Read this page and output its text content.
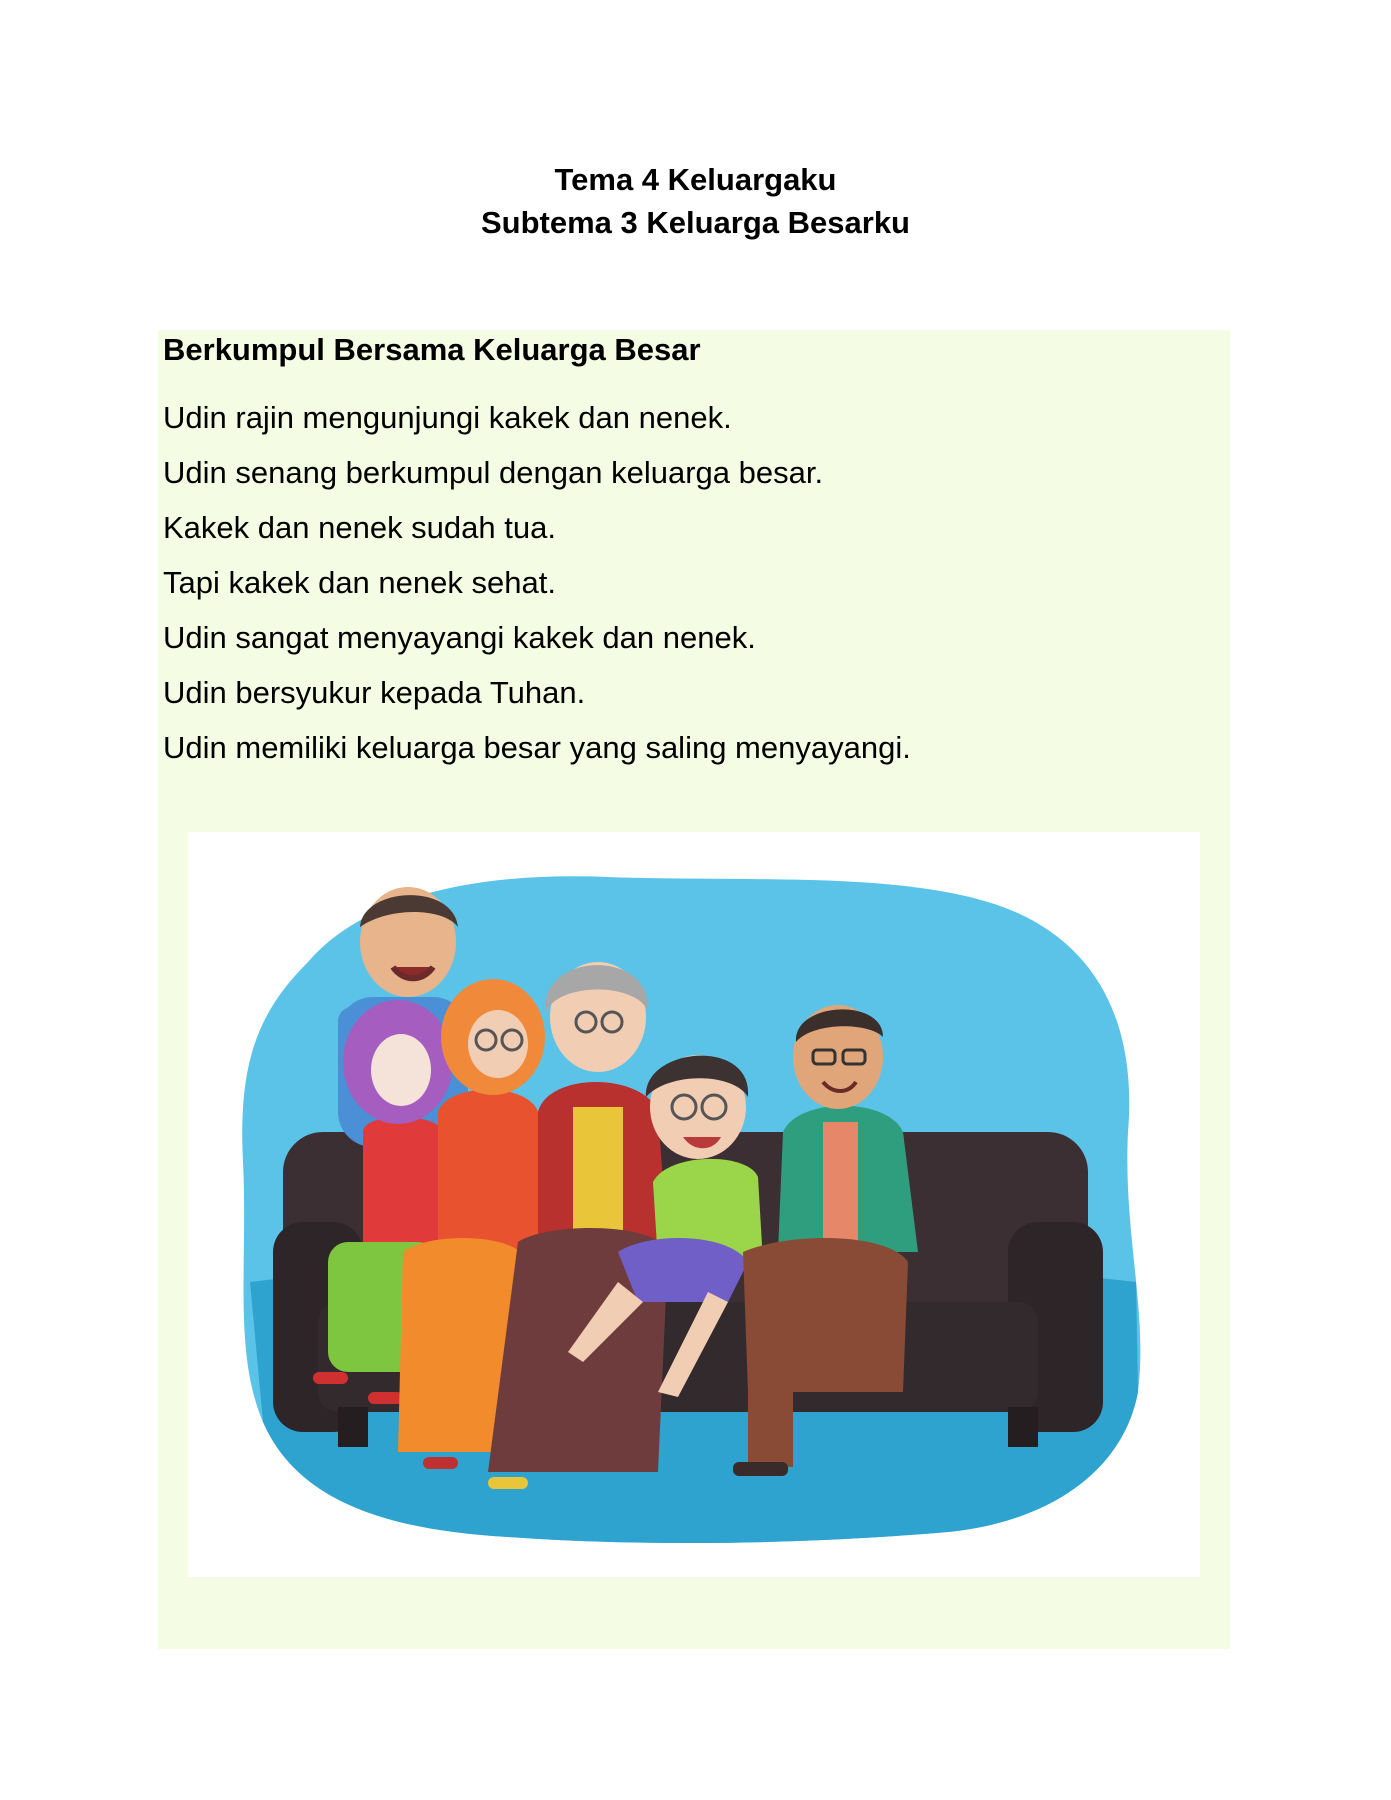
Tema 4 Keluargaku
Subtema 3 Keluarga Besarku
Berkumpul Bersama Keluarga Besar
Udin rajin mengunjungi kakek dan nenek.
Udin senang berkumpul dengan keluarga besar.
Kakek dan nenek sudah tua.
Tapi kakek dan nenek sehat.
Udin sangat menyayangi kakek dan nenek.
Udin bersyukur kepada Tuhan.
Udin memiliki keluarga besar yang saling menyayangi.
